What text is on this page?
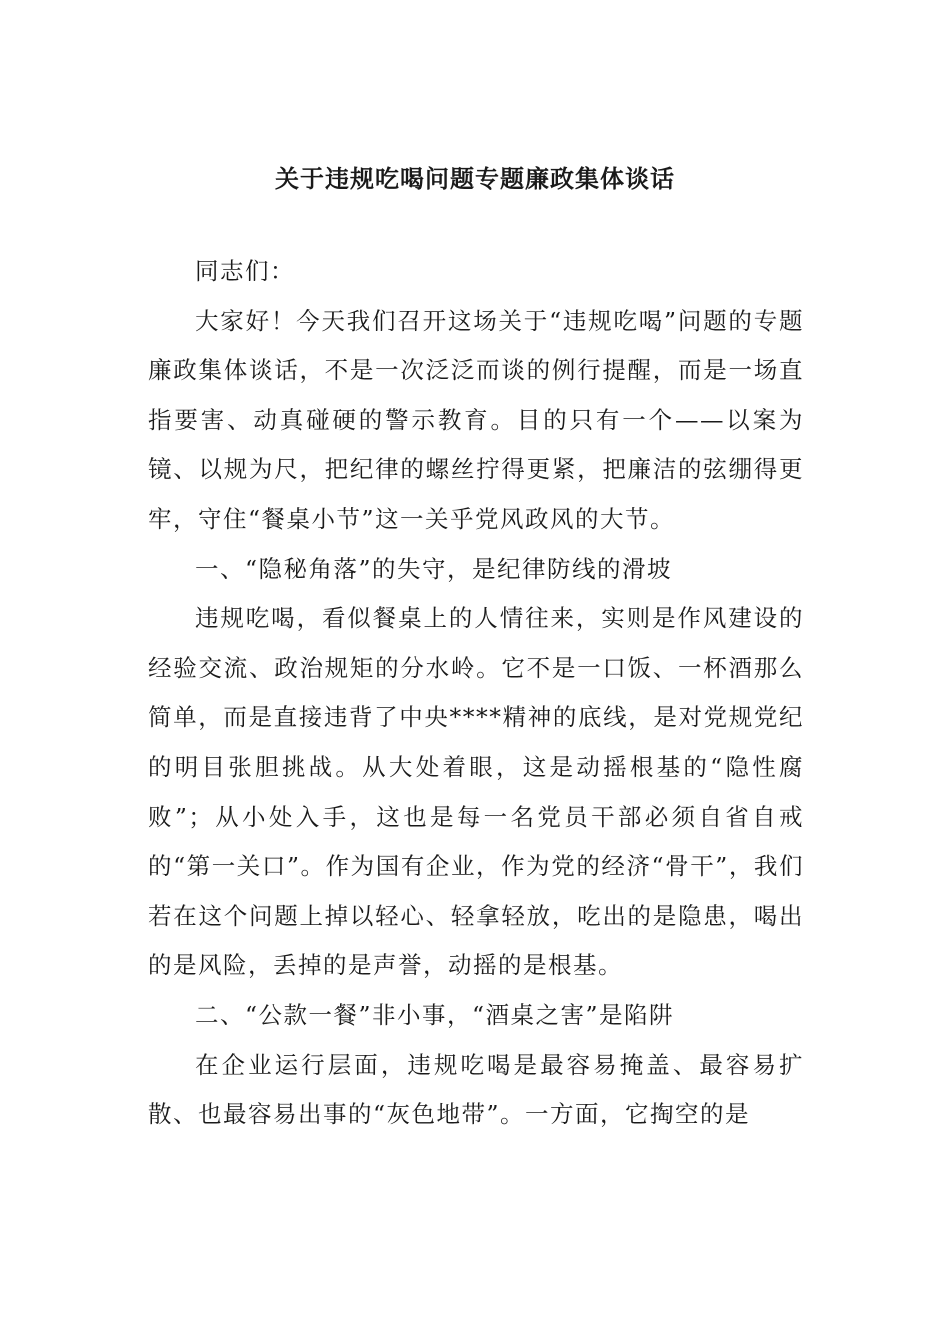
关于违规吃喝问题专题廉政集体谈话

同志们：

大家好！今天我们召开这场关于“违规吃喝”问题的专题廉政集体谈话，不是一次泛泛而谈的例行提醒，而是一场直指要害、动真碰硬的警示教育。目的只有一个——以案为镜、以规为尺，把纪律的螺丝拧得更紧，把廉洁的弦绷得更牢，守住“餐桌小节”这一关乎党风政风的大节。

一、“隐秘角落”的失守，是纪律防线的滑坡

违规吃喝，看似餐桌上的人情往来，实则是作风建设的经验交流、政治规矩的分水岭。它不是一口饭、一杯酒那么简单，而是直接违背了中央****精神的底线，是对党规党纪的明目张胆挑战。从大处着眼，这是动摇根基的“隐性腐败”；从小处入手，这也是每一名党员干部必须自省自戒的“第一关口”。作为国有企业，作为党的经济“骨干”，我们若在这个问题上掉以轻心、轻拿轻放，吃出的是隐患，喝出的是风险，丢掉的是声誉，动摇的是根基。

二、“公款一餐”非小事，“酒桌之害”是陷阱

在企业运行层面，违规吃喝是最容易掩盖、最容易扩散、也最容易出事的“灰色地带”。一方面，它掏空的是
